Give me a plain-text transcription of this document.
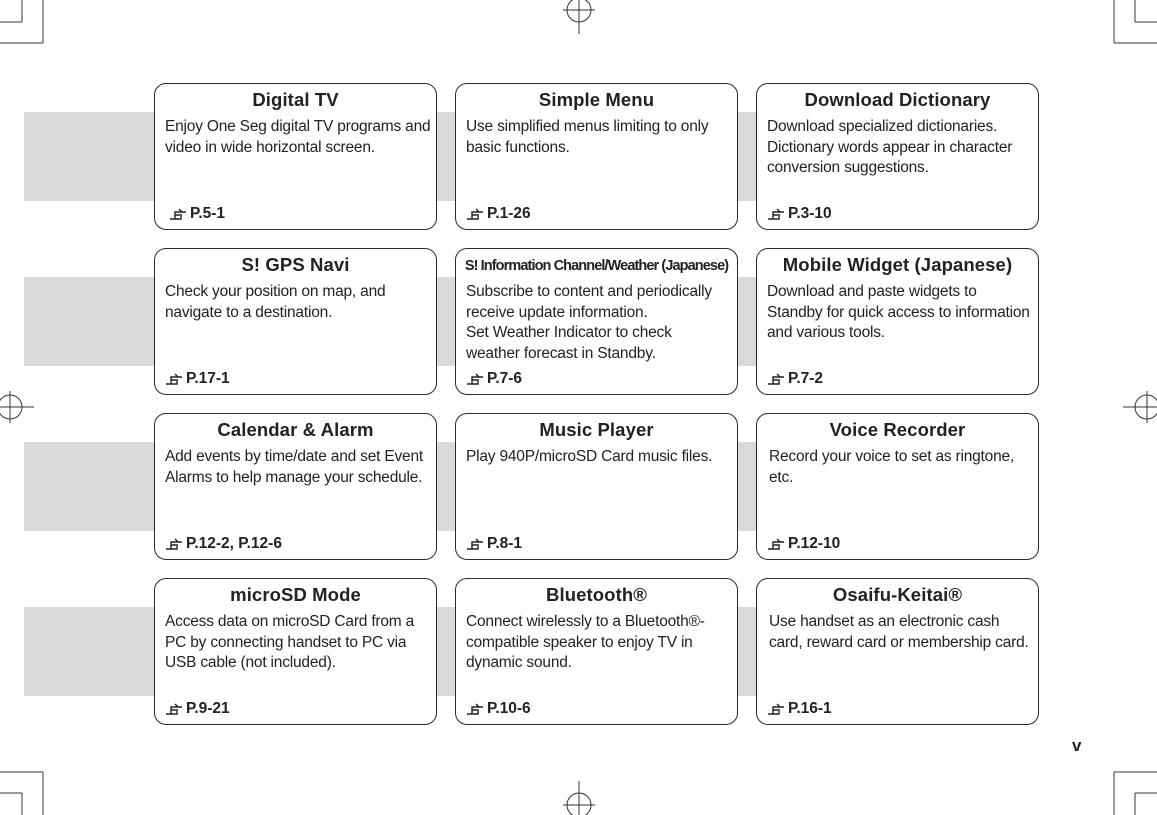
Digital TV
Enjoy One Seg digital TV programs and
video in wide horizontal screen.
P.5-1
Simple Menu
Use simplified menus limiting to only
basic functions.
P.1-26
Download Dictionary
Download specialized dictionaries.
Dictionary words appear in character
conversion suggestions.
P.3-10
S! GPS Navi
Check your position on map, and
navigate to a destination.
P.17-1
S! Information Channel/Weather (Japanese)
Subscribe to content and periodically
receive update information.
Set Weather Indicator to check
weather forecast in Standby.
P.7-6
Mobile Widget (Japanese)
Download and paste widgets to
Standby for quick access to information
and various tools.
P.7-2
Calendar & Alarm
Add events by time/date and set Event
Alarms to help manage your schedule.
P.12-2, P.12-6
Music Player
Play 940P/microSD Card music files.
P.8-1
Voice Recorder
Record your voice to set as ringtone,
etc.
P.12-10
microSD Mode
Access data on microSD Card from a
PC by connecting handset to PC via
USB cable (not included).
P.9-21
Bluetooth®
Connect wirelessly to a Bluetooth®-
compatible speaker to enjoy TV in
dynamic sound.
P.10-6
Osaifu-Keitai®
Use handset as an electronic cash
card, reward card or membership card.
P.16-1
v
